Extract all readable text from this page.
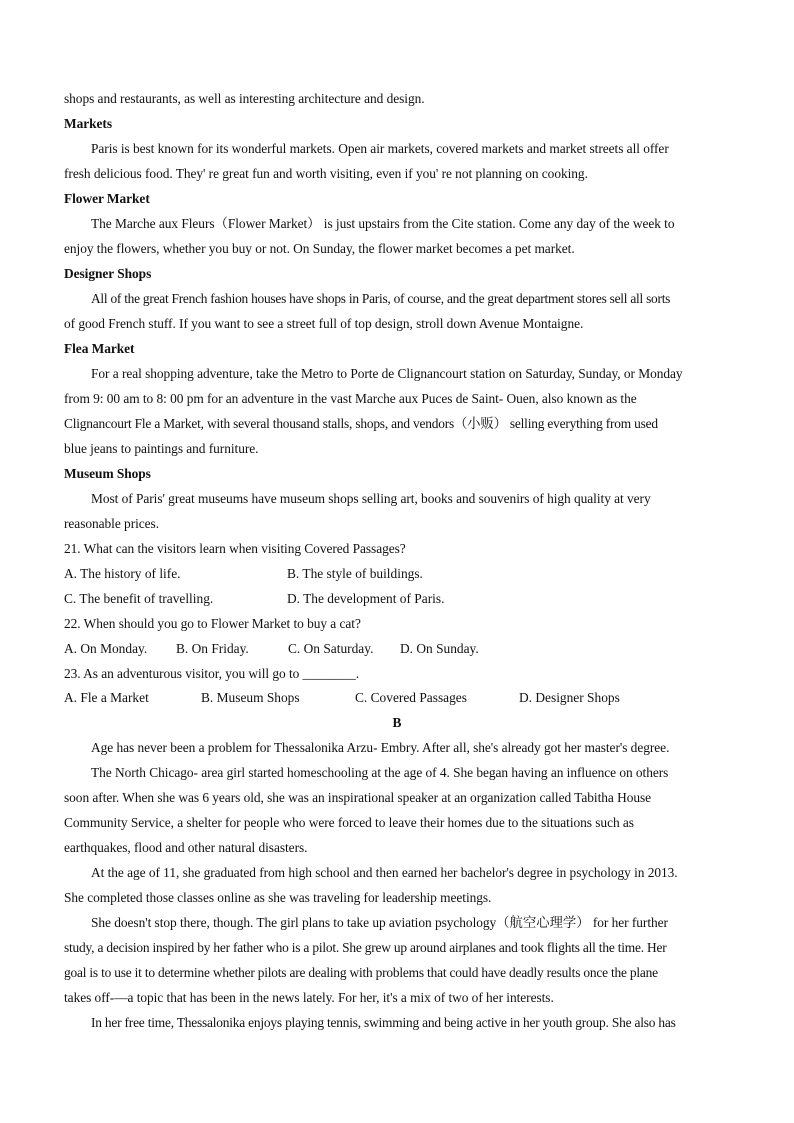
shops and restaurants, as well as interesting architecture and design.
Markets
Paris is best known for its wonderful markets. Open air markets, covered markets and market streets all offer
fresh delicious food. They' re great fun and worth visiting, even if you' re not planning on cooking.
Flower Market
The Marche aux Fleurs（Flower Market） is just upstairs from the Cite station. Come any day of the week to
enjoy the flowers, whether you buy or not. On Sunday, the flower market becomes a pet market.
Designer Shops
All of the great French fashion houses have shops in Paris, of course, and the great department stores sell all sorts
of good French stuff. If you want to see a street full of top design, stroll down Avenue Montaigne.
Flea Market
For a real shopping adventure, take the Metro to Porte de Clignancourt station on Saturday, Sunday, or Monday
from 9: 00 am to 8: 00 pm for an adventure in the vast Marche aux Puces de Saint- Ouen, also known as the
Clignancourt Fle a Market, with several thousand stalls, shops, and vendors（小贩） selling everything from used
blue jeans to paintings and furniture.
Museum Shops
Most of Paris' great museums have museum shops selling art, books and souvenirs of high quality at very
reasonable prices.
21. What can the visitors learn when visiting Covered Passages?
A. The history of life.	B. The style of buildings.
C. The benefit of travelling.	D. The development of Paris.
22. When should you go to Flower Market to buy a cat?
A. On Monday. B. On Friday.	C. On Saturday. D. On Sunday.
23. As an adventurous visitor, you will go to ________.
A. Fle a Market	B. Museum Shops	C. Covered Passages	D. Designer Shops
B
Age has never been a problem for Thessalonika Arzu- Embry. After all, she's already got her master's degree.
The North Chicago- area girl started homeschooling at the age of 4. She began having an influence on others
soon after. When she was 6 years old, she was an inspirational speaker at an organization called Tabitha House
Community Service, a shelter for people who were forced to leave their homes due to the situations such as
earthquakes, flood and other natural disasters.
At the age of 11, she graduated from high school and then earned her bachelor's degree in psychology in 2013.
She completed those classes online as she was traveling for leadership meetings.
She doesn't stop there, though. The girl plans to take up aviation psychology（航空心理学） for her further
study, a decision inspired by her father who is a pilot. She grew up around airplanes and took flights all the time. Her
goal is to use it to determine whether pilots are dealing with problems that could have deadly results once the plane
takes off-—a topic that has been in the news lately. For her, it's a mix of two of her interests.
In her free time, Thessalonika enjoys playing tennis, swimming and being active in her youth group. She also has
